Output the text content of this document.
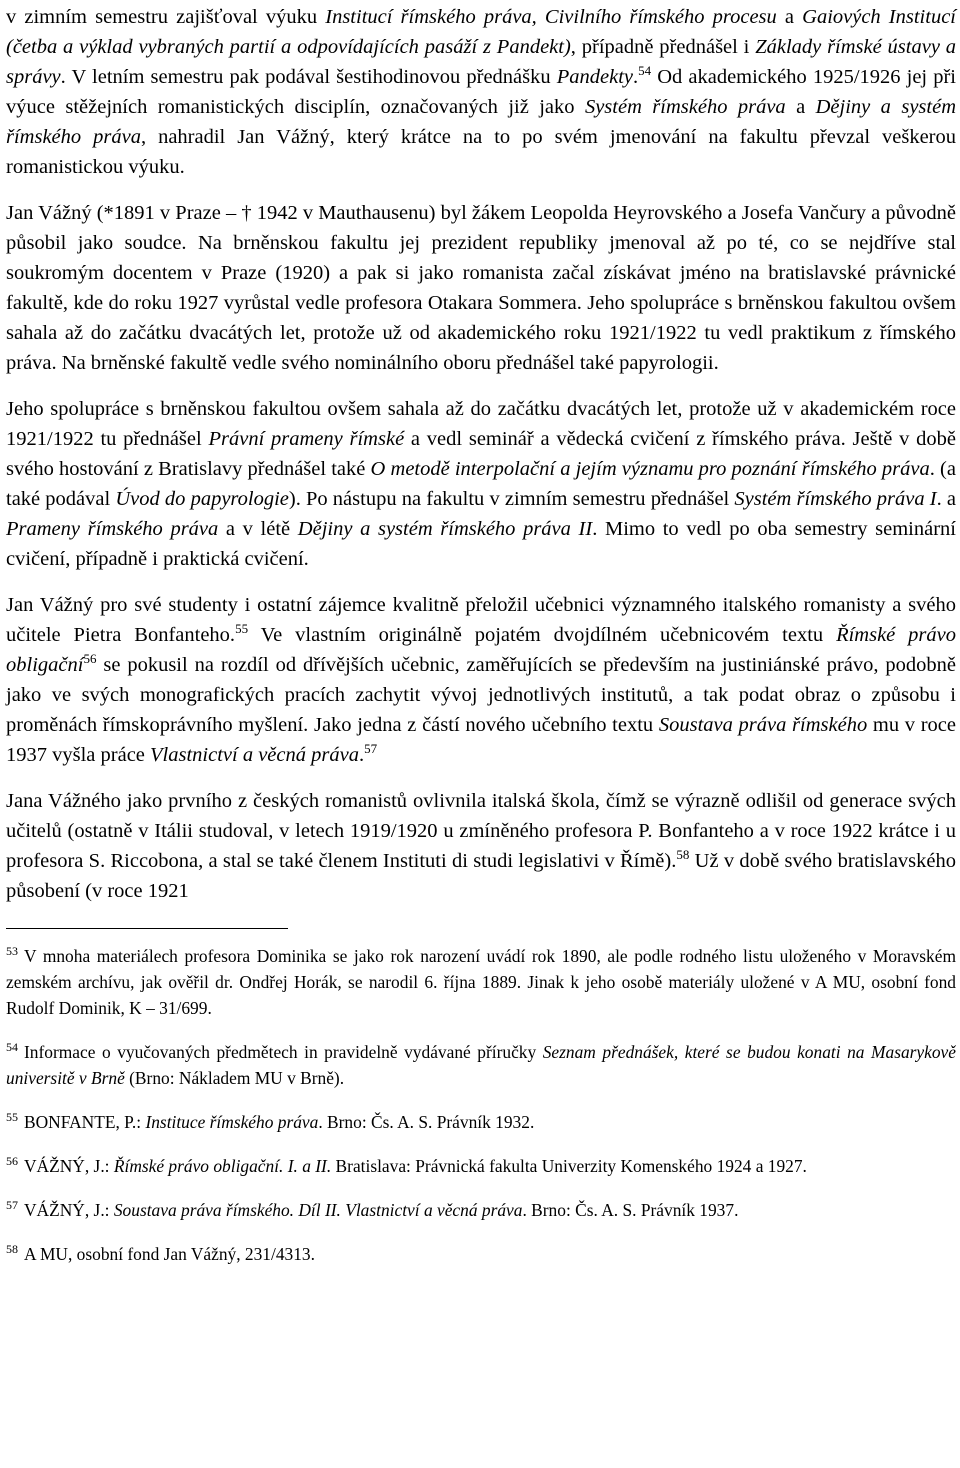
v zimním semestru zajišťoval výuku Institucí římského práva, Civilního římského procesu a Gaiových Institucí (četba a výklad vybraných partií a odpovídajících pasáží z Pandekt), případně přednášel i Základy římské ústavy a správy. V letním semestru pak podával šestihodinovou přednášku Pandekty.$^{54}$ Od akademického 1925/1926 jej při výuce stěžejních romanistických disciplín, označovaných již jako Systém římského práva a Dějiny a systém římského práva, nahradil Jan Vážný, který krátce na to po svém jmenování na fakultu převzal veškerou romanistickou výuku.

Jan Vážný (*1891 v Praze – † 1942 v Mauthausenu) byl žákem Leopolda Heyrovského a Josefa Vančury a původně působil jako soudce. Na brněnskou fakultu jej prezident republiky jmenoval až po té, co se nejdříve stal soukromým docentem v Praze (1920) a pak si jako romanista začal získávat jméno na bratislavské právnické fakultě, kde do roku 1927 vyrůstal vedle profesora Otakara Sommera. Jeho spolupráce s brněnskou fakultou ovšem sahala až do začátku dvacátých let, protože už od akademického roku 1921/1922 tu vedl praktikum z římského práva. Na brněnské fakultě vedle svého nominálního oboru přednášel také papyrologii.

Jeho spolupráce s brněnskou fakultou ovšem sahala až do začátku dvacátých let, protože už v akademickém roce 1921/1922 tu přednášel Právní prameny římské a vedl seminář a vědecká cvičení z římského práva. Ještě v době svého hostování z Bratislavy přednášel také O metodě interpolační a jejím významu pro poznání římského práva. (a také podával Úvod do papyrologie). Po nástupu na fakultu v zimním semestru přednášel Systém římského práva I. a Prameny římského práva a v létě Dějiny a systém římského práva II. Mimo to vedl po oba semestry seminární cvičení, případně i praktická cvičení.

Jan Vážný pro své studenty i ostatní zájemce kvalitně přeložil učebnici významného italského romanisty a svého učitele Pietra Bonfanteho.$^{55}$ Ve vlastním originálně pojatém dvojdílném učebnicovém textu Římské právo obligační$^{56}$ se pokusil na rozdíl od dřívějších učebnic, zaměřujících se především na justiniánské právo, podobně jako ve svých monografických pracích zachytit vývoj jednotlivých institutů, a tak podat obraz o způsobu i proměnách římskoprávního myšlení. Jako jedna z částí nového učebního textu Soustava práva římského mu v roce 1937 vyšla práce Vlastnictví a věcná práva.$^{57}$

Jana Vážného jako prvního z českých romanistů ovlivnila italská škola, čímž se výrazně odlišil od generace svých učitelů (ostatně v Itálii studoval, v letech 1919/1920 u zmíněného profesora P. Bonfanteho a v roce 1922 krátce i u profesora S. Riccobona, a stal se také členem Instituti di studi legislativi v Římě).$^{58}$ Už v době svého bratislavského působení (v roce 1921

$^{53}$ V mnoha materiálech profesora Dominika se jako rok narození uvádí rok 1890, ale podle rodného listu uloženého v Moravském zemském archívu, jak ověřil dr. Ondřej Horák, se narodil 6. října 1889. Jinak k jeho osobě materiály uložené v A MU, osobní fond Rudolf Dominik, K – 31/699.

$^{54}$ Informace o vyučovaných předmětech in pravidelně vydávané příručky Seznam přednášek, které se budou konati na Masarykově universitě v Brně (Brno: Nákladem MU v Brně).

$^{55}$ BONFANTE, P.: Instituce římského práva. Brno: Čs. A. S. Právník 1932.

$^{56}$ VÁŽNÝ, J.: Římské právo obligační. I. a II. Bratislava: Právnická fakulta Univerzity Komenského 1924 a 1927.

$^{57}$ VÁŽNÝ, J.: Soustava práva římského. Díl II. Vlastnictví a věcná práva. Brno: Čs. A. S. Právník 1937.

$^{58}$ A MU, osobní fond Jan Vážný, 231/4313.
